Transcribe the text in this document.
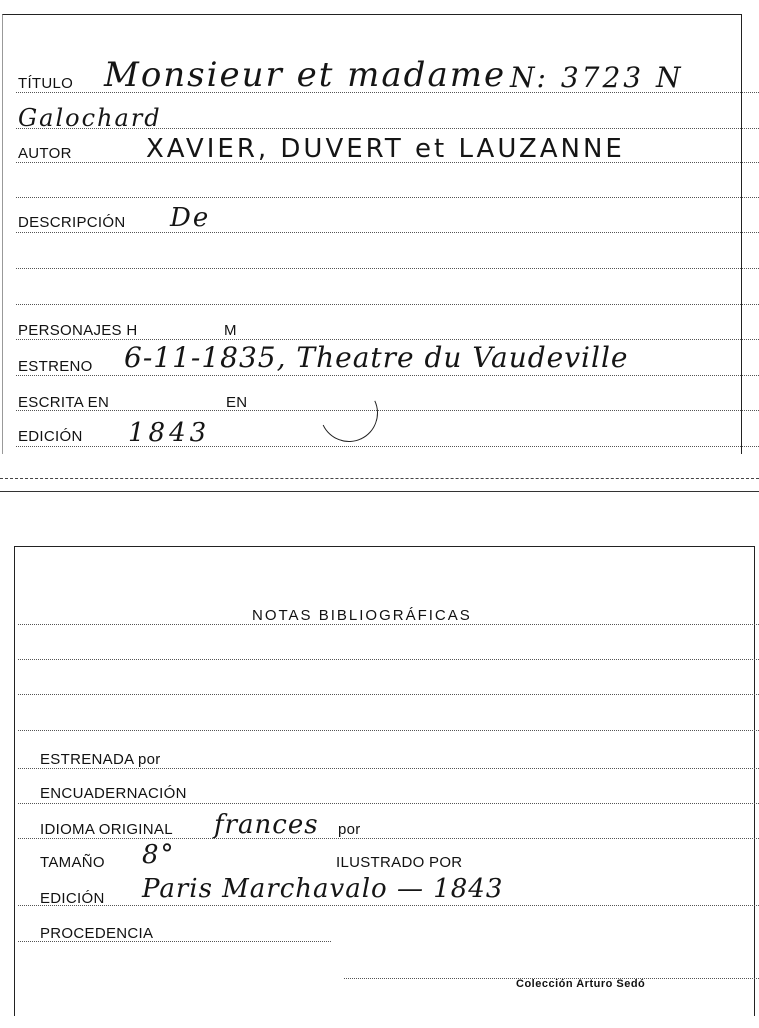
TÍTULO Monsieur et madame N: 3723 N
Galochard
AUTOR	XAVIER, DUVERT et LAUZANNE
DESCRIPCIÓN De
PERSONAJES H	M
ESTRENO 6-11-1835, Theatre du Vaudeville
ESCRITA EN	EN
EDICIÓN 1843
NOTAS BIBLIOGRÁFICAS
ESTRENADA por
ENCUADERNACIÓN
IDIOMA ORIGINAL frances por
TAMAÑO 8°	ILUSTRADO POR
EDICIÓN Paris Marchavalo — 1843
PROCEDENCIA
Colección Arturo Sedó
